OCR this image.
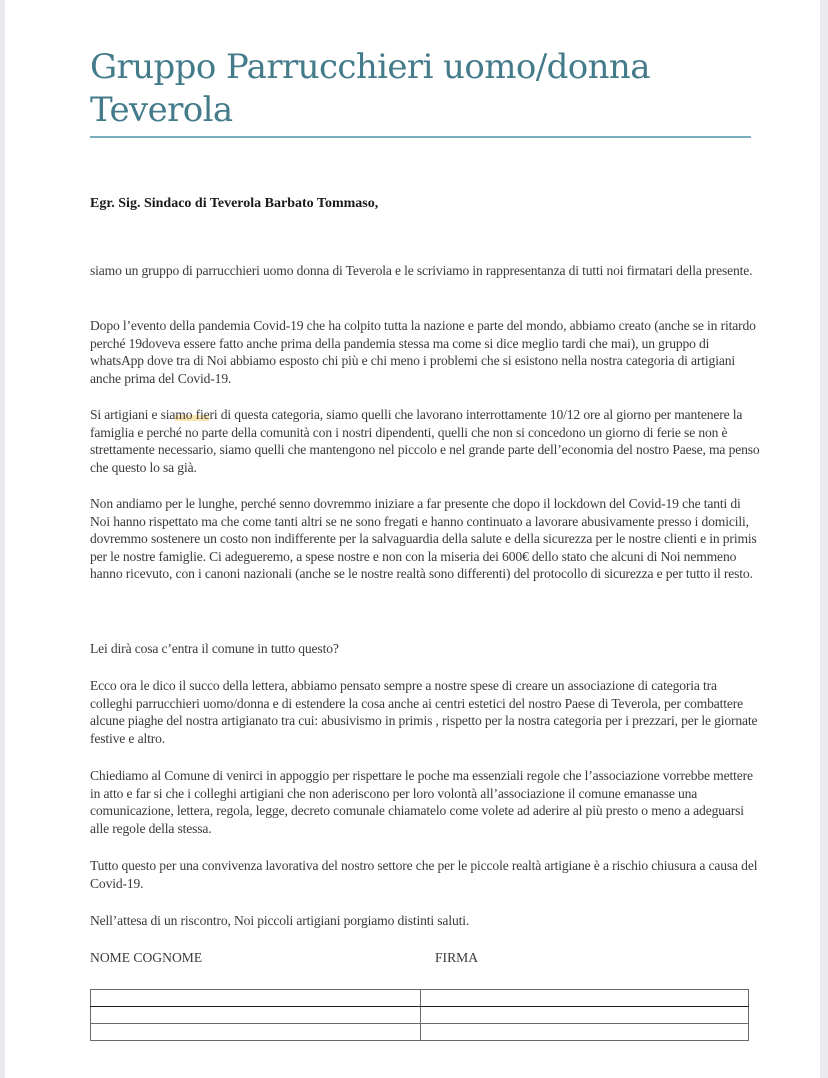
Gruppo Parrucchieri uomo/donna Teverola

Egr. Sig. Sindaco di Teverola Barbato Tommaso,

siamo un gruppo di parrucchieri uomo donna di Teverola e le scriviamo in rappresentanza di tutti noi firmatari della presente.

Dopo l’evento della pandemia Covid-19 che ha colpito tutta la nazione e parte del mondo, abbiamo creato (anche se in ritardo perché 19doveva essere fatto anche prima della pandemia stessa ma come si dice meglio tardi che mai), un gruppo di whatsApp dove tra di Noi abbiamo esposto chi più e chi meno i problemi che si esistono nella nostra categoria di artigiani anche prima del Covid-19.

Si artigiani e siamo fieri di questa categoria, siamo quelli che lavorano interrottamente 10/12 ore al giorno per mantenere la famiglia e perché no parte della comunità con i nostri dipendenti, quelli che non si concedono un giorno di ferie se non è strettamente necessario, siamo quelli che mantengono nel piccolo e nel grande parte dell’economia del nostro Paese, ma penso che questo lo sa già.

Non andiamo per le lunghe, perché senno dovremmo iniziare a far presente che dopo il lockdown del Covid-19 che tanti di Noi hanno rispettato ma che come tanti altri se ne sono fregati e hanno continuato a lavorare abusivamente presso i domicili, dovremmo sostenere un costo non indifferente per la salvaguardia della salute e della sicurezza per le nostre clienti e in primis per le nostre famiglie. Ci adegueremo, a spese nostre e non con la miseria dei 600€ dello stato che alcuni di Noi nemmeno hanno ricevuto, con i canoni nazionali (anche se le nostre realtà sono differenti) del protocollo di sicurezza e per tutto il resto.

Lei dirà cosa c’entra il comune in tutto questo?

Ecco ora le dico il succo della lettera, abbiamo pensato sempre a nostre spese di creare un associazione di categoria tra colleghi parrucchieri uomo/donna e di estendere la cosa anche ai centri estetici del nostro Paese di Teverola, per combattere alcune piaghe del nostra artigianato tra cui: abusivismo in primis , rispetto per la nostra categoria per i prezzari, per le giornate festive e altro.

Chiediamo al Comune di venirci in appoggio per rispettare le poche ma essenziali regole che l’associazione vorrebbe mettere in atto e far si che i colleghi artigiani che non aderiscono per loro volontà all’associazione il comune emanasse una comunicazione, lettera, regola, legge, decreto comunale chiamatelo come volete ad aderire al più presto o meno a adeguarsi alle regole della stessa.

Tutto questo per una convivenza lavorativa del nostro settore che per le piccole realtà artigiane è a rischio chiusura a causa del Covid-19.

Nell’attesa di un riscontro, Noi piccoli artigiani porgiamo distinti saluti.

NOME COGNOME	FIRMA
